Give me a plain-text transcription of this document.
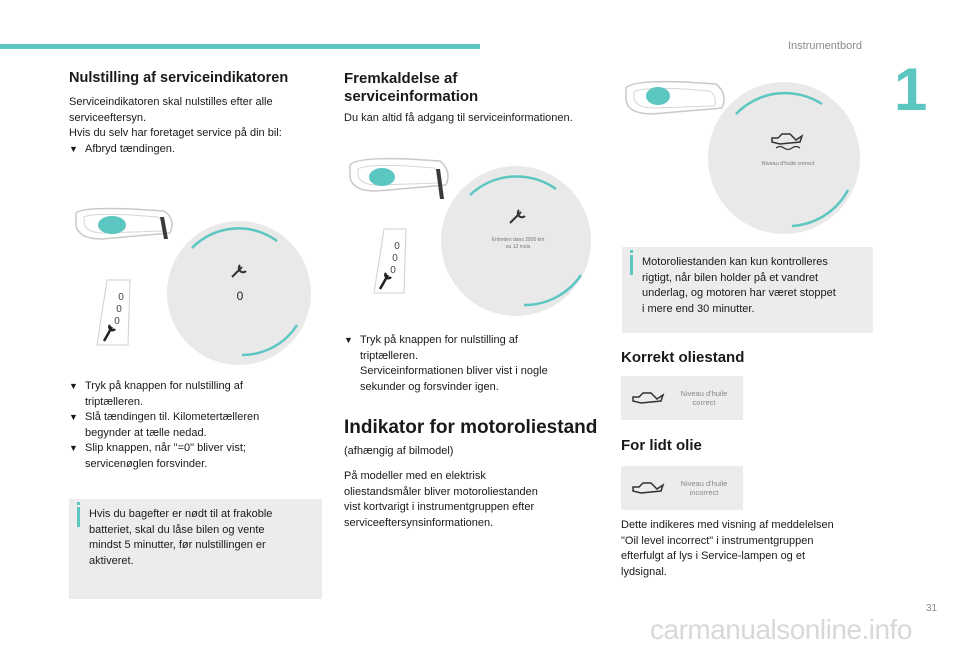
Instrumentbord
1
31
Nulstilling af serviceindikatoren

Serviceindikatoren skal nulstilles efter alle

serviceeftersyn.

Hvis du selv har foretaget service på din bil:

▼ Afbryd tændingen.
0
0
0
0
▼ Tryk på knappen for nulstilling af
triptælleren.
▼ Slå tændingen til. Kilometertælleren
begynder at tælle nedad.
▼ Slip knappen, når "=0" bliver vist;
servicenøglen forsvinder.
Hvis du bagefter er nødt til at frakoble
batteriet, skal du låse bilen og vente
mindst 5 minutter, før nulstillingen er
aktiveret.
Fremkaldelse af
serviceinformation

Du kan altid få adgang til serviceinformationen.

Entretien dans 2800 km
ou 12 mois
0
0
0
▼ Tryk på knappen for nulstilling af
triptælleren.
Serviceinformationen bliver vist i nogle
sekunder og forsvinder igen.
Indikator for motoroliestand

(afhængig af bilmodel)

På modeller med en elektrisk

oliestandsmåler bliver motoroliestanden

vist kortvarigt i instrumentgruppen efter

serviceeftersynsinformationen.

Niveau d'huile correct
Motoroliestanden kan kun kontrolleres
rigtigt, når bilen holder på et vandret
underlag, og motoren har været stoppet
i mere end 30 minutter.
Korrekt oliestand
Niveau d'huile
correct
For lidt olie
Niveau d'huile
incorrect

Dette indikeres med visning af meddelelsen

"Oil level incorrect" i instrumentgruppen

efterfulgt af lys i Service-lampen og et

lydsignal.

carmanualsonline.info
